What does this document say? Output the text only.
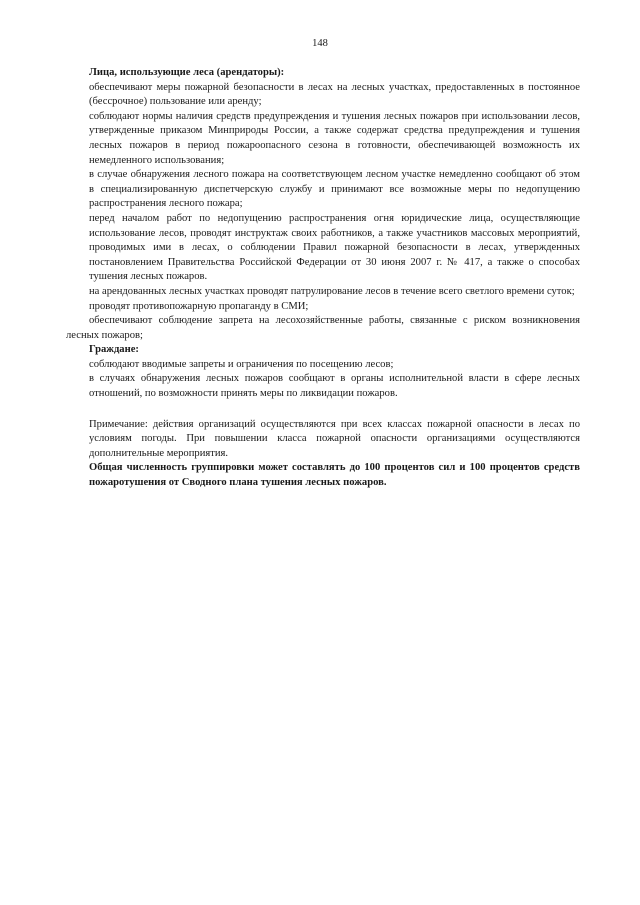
148

Лица, использующие леса (арендаторы):

обеспечивают меры пожарной безопасности в лесах на лесных участках, предоставленных в постоянное (бессрочное) пользование или аренду;

соблюдают нормы наличия средств предупреждения и тушения лесных пожаров при использовании лесов, утвержденные приказом Минприроды России, а также содержат средства предупреждения и тушения лесных пожаров в период пожароопасного сезона в готовности, обеспечивающей возможность их немедленного использования;

в случае обнаружения лесного пожара на соответствующем лесном участке немедленно сообщают об этом в специализированную диспетчерскую службу и принимают все возможные меры по недопущению распространения лесного пожара;

перед началом работ по недопущению распространения огня юридические лица, осуществляющие использование лесов, проводят инструктаж своих работников, а также участников массовых мероприятий, проводимых ими в лесах, о соблюдении Правил пожарной безопасности в лесах, утвержденных постановлением Правительства Российской Федерации от 30 июня 2007 г. № 417, а также о способах тушения лесных пожаров.

на арендованных лесных участках проводят патрулирование лесов в течение всего светлого времени суток;

проводят противопожарную пропаганду в СМИ;

обеспечивают соблюдение запрета на лесохозяйственные работы, связанные с риском возникновения лесных пожаров;

Граждане:

соблюдают вводимые запреты и ограничения по посещению лесов;

в случаях обнаружения лесных пожаров сообщают в органы исполнительной власти в сфере лесных отношений, по возможности принять меры по ликвидации пожаров.

Примечание: действия организаций осуществляются при всех классах пожарной опасности в лесах по условиям погоды. При повышении класса пожарной опасности организациями осуществляются дополнительные мероприятия.

Общая численность группировки может составлять до 100 процентов сил и 100 процентов средств пожаротушения от Сводного плана тушения лесных пожаров.
